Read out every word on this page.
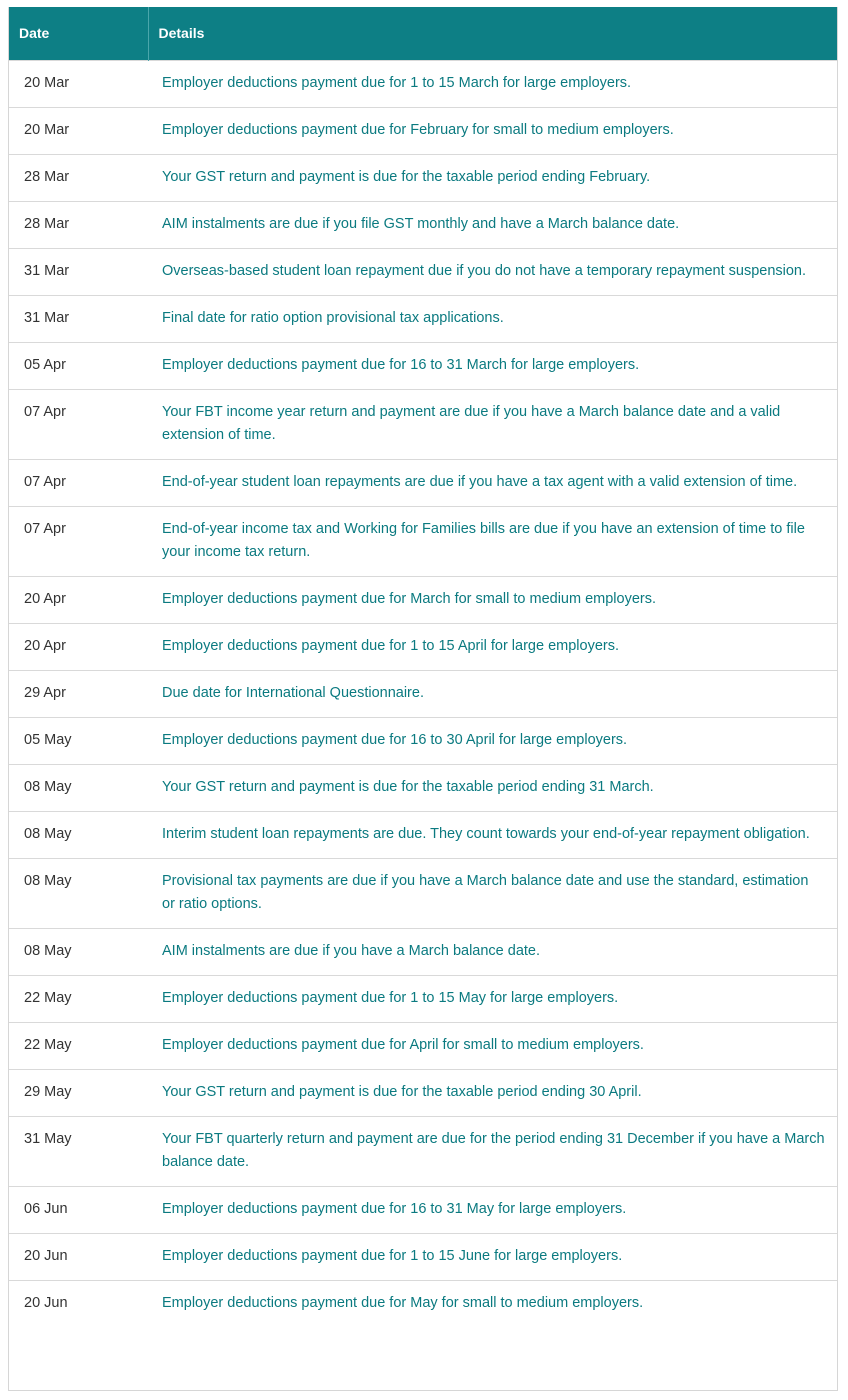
Date	Details
20 Mar	Employer deductions payment due for 1 to 15 March for large employers.
20 Mar	Employer deductions payment due for February for small to medium employers.
28 Mar	Your GST return and payment is due for the taxable period ending February.
28 Mar	AIM instalments are due if you file GST monthly and have a March balance date.
31 Mar	Overseas-based student loan repayment due if you do not have a temporary repayment suspension.
31 Mar	Final date for ratio option provisional tax applications.
05 Apr	Employer deductions payment due for 16 to 31 March for large employers.
07 Apr	Your FBT income year return and payment are due if you have a March balance date and a valid extension of time.
07 Apr	End-of-year student loan repayments are due if you have a tax agent with a valid extension of time.
07 Apr	End-of-year income tax and Working for Families bills are due if you have an extension of time to file your income tax return.
20 Apr	Employer deductions payment due for March for small to medium employers.
20 Apr	Employer deductions payment due for 1 to 15 April for large employers.
29 Apr	Due date for International Questionnaire.
05 May	Employer deductions payment due for 16 to 30 April for large employers.
08 May	Your GST return and payment is due for the taxable period ending 31 March.
08 May	Interim student loan repayments are due. They count towards your end-of-year repayment obligation.
08 May	Provisional tax payments are due if you have a March balance date and use the standard, estimation or ratio options.
08 May	AIM instalments are due if you have a March balance date.
22 May	Employer deductions payment due for 1 to 15 May for large employers.
22 May	Employer deductions payment due for April for small to medium employers.
29 May	Your GST return and payment is due for the taxable period ending 30 April.
31 May	Your FBT quarterly return and payment are due for the period ending 31 December if you have a March balance date.
06 Jun	Employer deductions payment due for 16 to 31 May for large employers.
20 Jun	Employer deductions payment due for 1 to 15 June for large employers.
20 Jun	Employer deductions payment due for May for small to medium employers.
